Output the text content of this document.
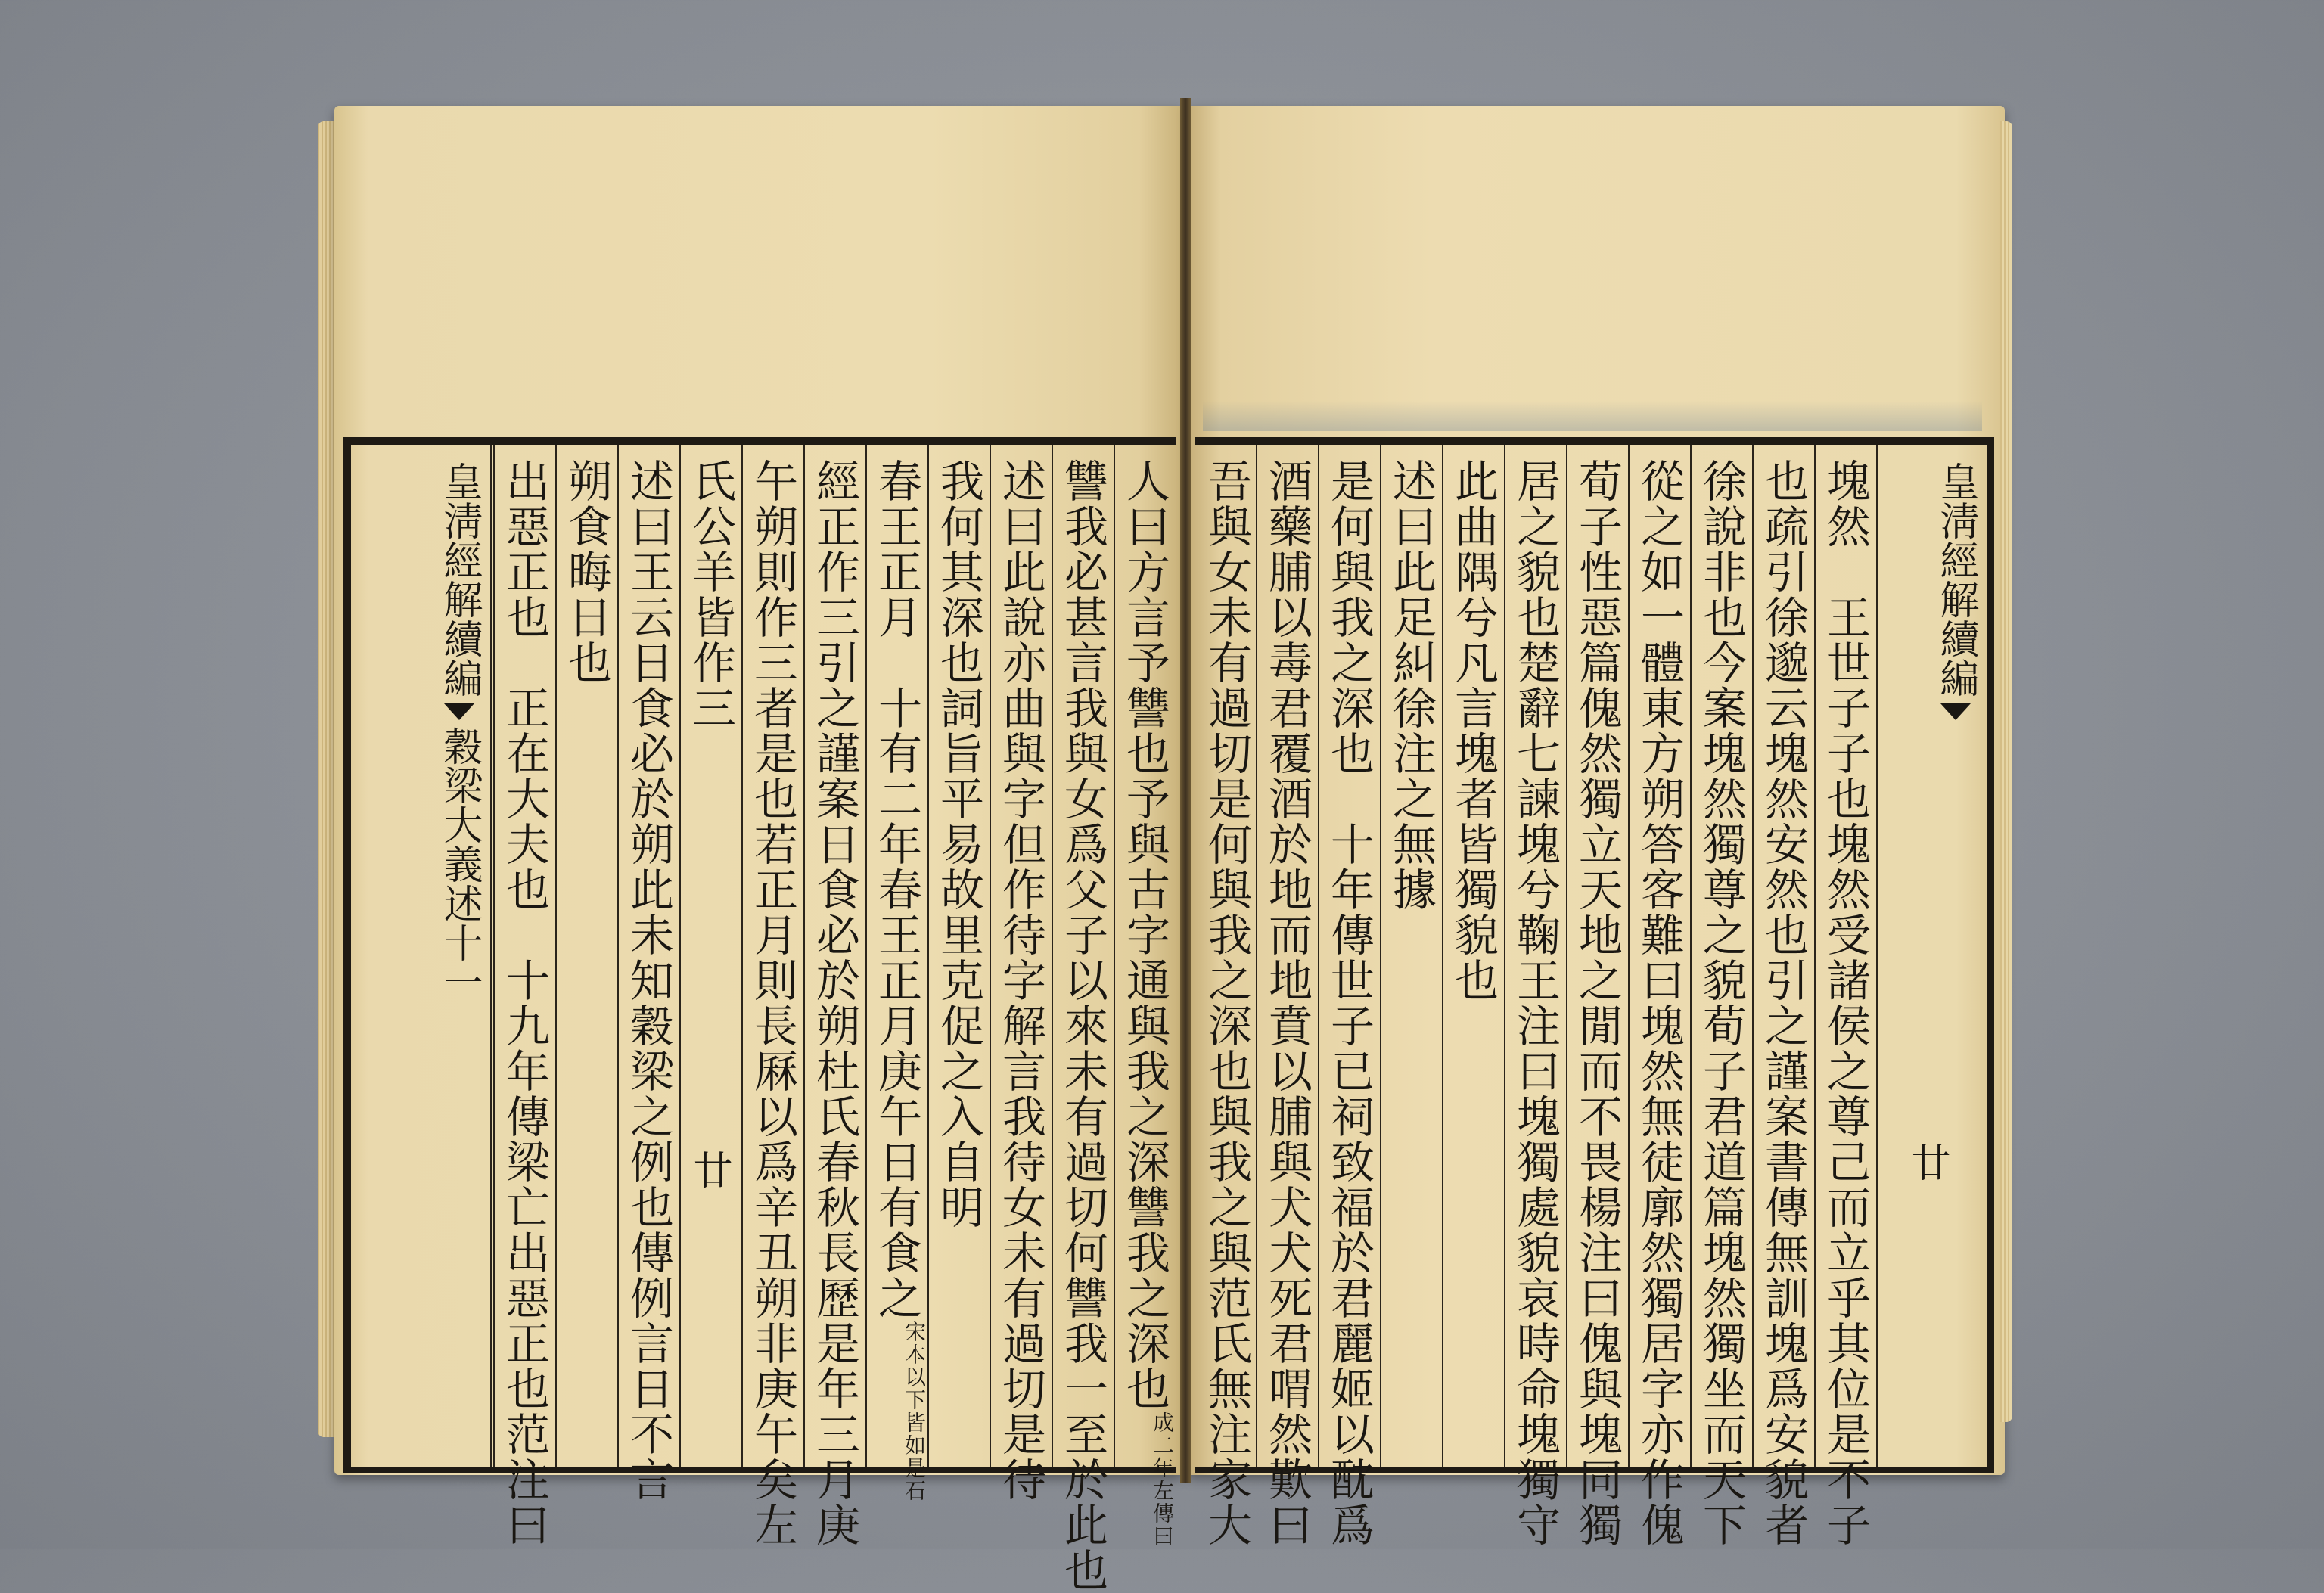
人曰方言予讐也予與古字通與我之深讐我之深也成二年左傳曰
讐我必甚言我與女爲父子以來未有過切何讐我一至於此也
述曰此說亦曲與字但作待字解言我待女未有過切是待
我何其深也詞旨平易故里克促之入自明
春王正月　十有二年春王正月庚午日有食之宋本以下皆如是石
經正作三引之謹案日食必於朔杜氏春秋長歷是年三月庚
午朔則作三者是也若正月則長厤以爲辛丑朔非庚午矣左
氏公羊皆作三
述曰王云日食必於朔此未知穀梁之例也傳例言日不言
朔食晦日也
出惡正也　正在大夫也　十九年傳梁亡出惡正也范注曰
皇淸經解續編穀梁大義述十一
皇淸經解續編
塊然　王世子子也塊然受諸侯之尊己而立乎其位是不子
也疏引徐邈云塊然安然也引之謹案書傳無訓塊爲安貌者
徐說非也今案塊然獨尊之貌荀子君道篇塊然獨坐而天下
從之如一體東方朔答客難曰塊然無徒廓然獨居字亦作傀
荀子性惡篇傀然獨立天地之閒而不畏楊注曰傀與塊同獨
居之貌也楚辭七諫塊兮鞠王注曰塊獨處貌哀時命塊獨守
此曲隅兮凡言塊者皆獨貌也
述曰此足糾徐注之無據
是何與我之深也　十年傳世子已祠致福於君麗姬以酖爲
酒藥脯以毒君覆酒於地而地賁以脯與犬犬死君喟然歎曰
吾與女未有過切是何與我之深也與我之與范氏無注家大
廿	廿
